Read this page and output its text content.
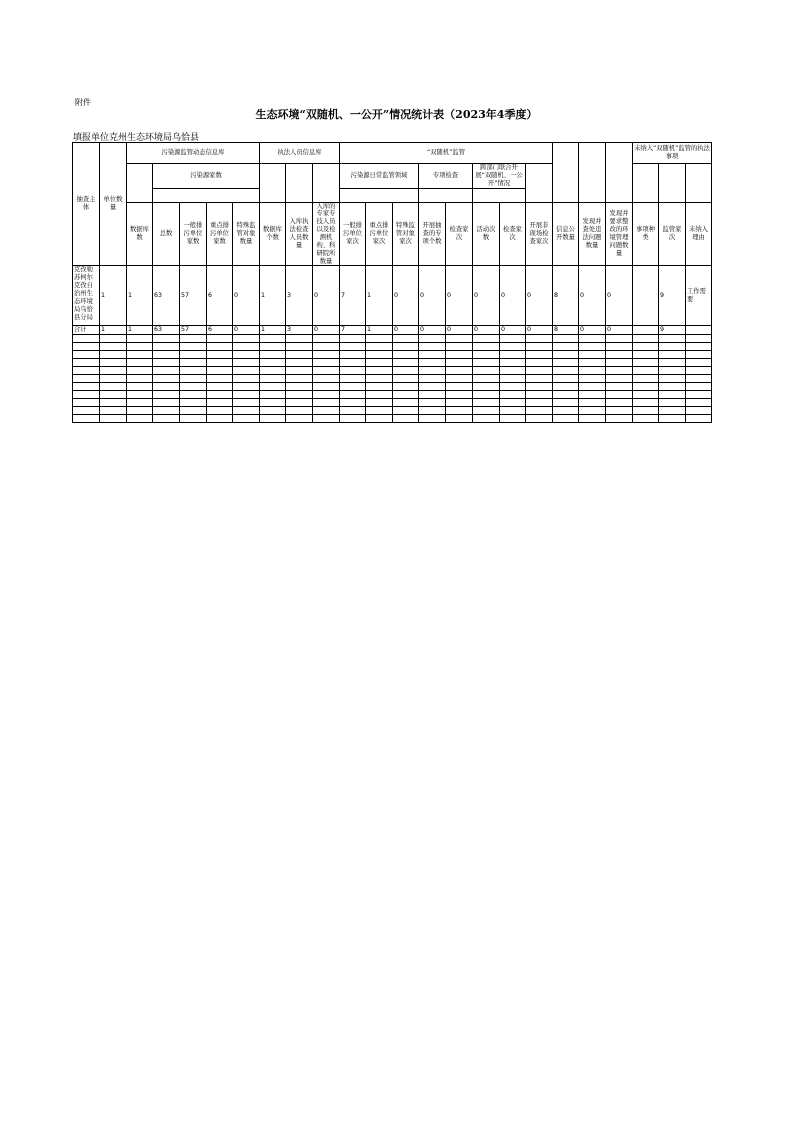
附件
生态环境“双随机、一公开”情况统计表（2023年4季度）
填报单位克州生态环境局乌恰县
抽查主体	单位数量	污染源监管动态信息库					执法人员信息库			“双随机”监管											未纳入“双随机”监管的执法事项		
			污染源家数							污染源日常监管领域			专项检查		跨部门联合开展“双随机、一公开”情况								

		数据库数	总数	一般排污单位家数	重点排污单位家数	特殊监管对象数量	数据库个数	入库执法检查人员数量	入库的专家专技人员以及检测机构、科研院所数量	一般排污单位家次	重点排污单位家次	特殊监管对象家次	开展抽查的专项个数	检查家次	活动次数	检查家次	开展非现场检查家次	信息公开数量	发现并查处违法问题数量	发现并要求整改的环境管理问题数量	事项种类	监管家次	未纳入理由
克孜勒苏柯尔克孜自治州生态环境局乌恰县分局	1	1	63	57	6	0	1	3	0	7	1	0	0	0	0	0	0	8	0	0		9	工作需要
合计	1	1	63	57	6	0	1	3	0	7	1	0	0	0	0	0	0	8	0	0		9	
